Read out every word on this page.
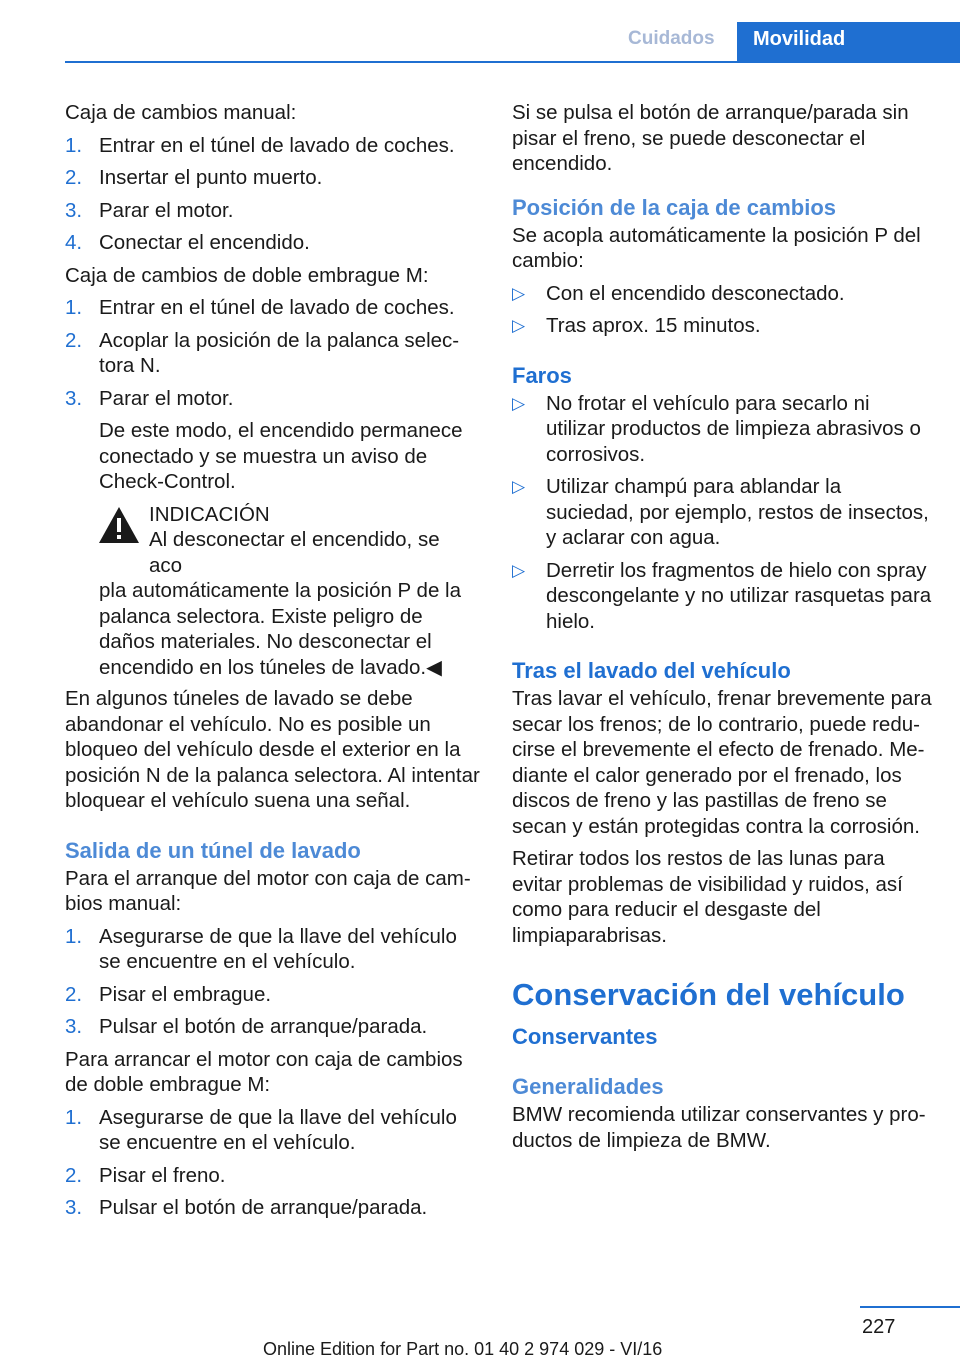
Cuidados Movilidad

Caja de cambios manual:

1. Entrar en el túnel de lavado de coches.
2. Insertar el punto muerto.
3. Parar el motor.
4. Conectar el encendido.

Caja de cambios de doble embrague M:

1. Entrar en el túnel de lavado de coches.
2. Acoplar la posición de la palanca selectora N.
3. Parar el motor.

De este modo, el encendido permanece conectado y se muestra un aviso de Check-Control.

INDICACIÓN
Al desconectar el encendido, se aco
pla automáticamente la posición P de la palanca selectora. Existe peligro de daños materiales. No desconectar el encendido en los túneles de lavado.◀

En algunos túneles de lavado se debe abandonar el vehículo. No es posible un bloqueo del vehículo desde el exterior en la posición N de la palanca selectora. Al intentar bloquear el vehículo suena una señal.

Salida de un túnel de lavado

Para el arranque del motor con caja de cambios manual:

1. Asegurarse de que la llave del vehículo se encuentre en el vehículo.
2. Pisar el embrague.
3. Pulsar el botón de arranque/parada.

Para arrancar el motor con caja de cambios de doble embrague M:

1. Asegurarse de que la llave del vehículo se encuentre en el vehículo.
2. Pisar el freno.
3. Pulsar el botón de arranque/parada.

Si se pulsa el botón de arranque/parada sin pisar el freno, se puede desconectar el encendido.

Posición de la caja de cambios

Se acopla automáticamente la posición P del cambio:

▷ Con el encendido desconectado.
▷ Tras aprox. 15 minutos.
Faros
▷ No frotar el vehículo para secarlo ni utilizar productos de limpieza abrasivos o corrosivos.
▷ Utilizar champú para ablandar la suciedad, por ejemplo, restos de insectos, y aclarar con agua.
▷ Derretir los fragmentos de hielo con spray descongelante y no utilizar rasquetas para hielo.
Tras el lavado del vehículo

Tras lavar el vehículo, frenar brevemente para secar los frenos; de lo contrario, puede reducirse el brevemente el efecto de frenado. Mediante el calor generado por el frenado, los discos de freno y las pastillas de freno se secan y están protegidas contra la corrosión.

Retirar todos los restos de las lunas para evitar problemas de visibilidad y ruidos, así como para reducir el desgaste del limpiaparabrisas.

Conservación del vehículo
Conservantes
Generalidades

BMW recomienda utilizar conservantes y productos de limpieza de BMW.

227
Online Edition for Part no. 01 40 2 974 029 - VI/16
